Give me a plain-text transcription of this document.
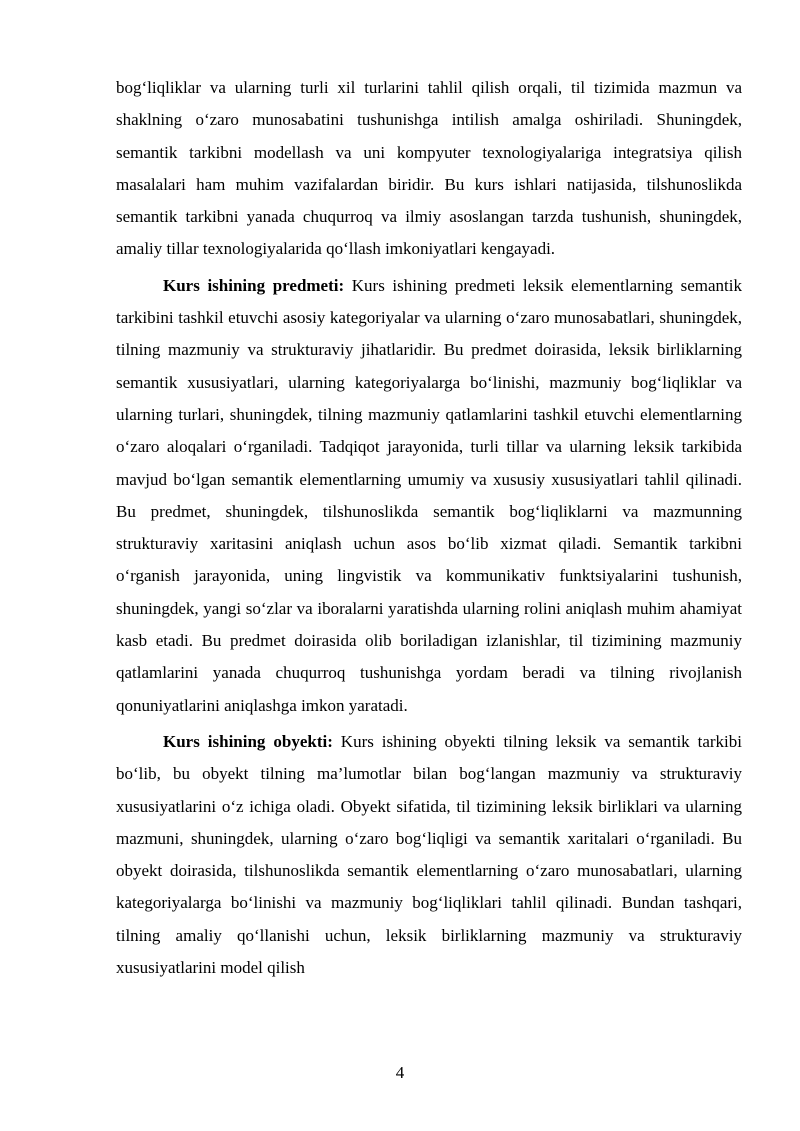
bog‘liqliklar va ularning turli xil turlarini tahlil qilish orqali, til tizimida mazmun va shaklning o‘zaro munosabatini tushunishga intilish amalga oshiriladi. Shuningdek, semantik tarkibni modellash va uni kompyuter texnologiyalariga integratsiya qilish masalalari ham muhim vazifalardan biridir. Bu kurs ishlari natijasida, tilshunoslikda semantik tarkibni yanada chuqurroq va ilmiy asoslangan tarzda tushunish, shuningdek, amaliy tillar texnologiyalarida qo‘llash imkoniyatlari kengayadi.

Kurs ishining predmeti: Kurs ishining predmeti leksik elementlarning semantik tarkibini tashkil etuvchi asosiy kategoriyalar va ularning o‘zaro munosabatlari, shuningdek, tilning mazmuniy va strukturaviy jihatlaridir. Bu predmet doirasida, leksik birliklarning semantik xususiyatlari, ularning kategoriyalarga bo‘linishi, mazmuniy bog‘liqliklar va ularning turlari, shuningdek, tilning mazmuniy qatlamlarini tashkil etuvchi elementlarning o‘zaro aloqalari o‘rganiladi. Tadqiqot jarayonida, turli tillar va ularning leksik tarkibida mavjud bo‘lgan semantik elementlarning umumiy va xususiy xususiyatlari tahlil qilinadi. Bu predmet, shuningdek, tilshunoslikda semantik bog‘liqliklarni va mazmunning strukturaviy xaritasini aniqlash uchun asos bo‘lib xizmat qiladi. Semantik tarkibni o‘rganish jarayonida, uning lingvistik va kommunikativ funktsiyalarini tushunish, shuningdek, yangi so‘zlar va iboralarni yaratishda ularning rolini aniqlash muhim ahamiyat kasb etadi. Bu predmet doirasida olib boriladigan izlanishlar, til tizimining mazmuniy qatlamlarini yanada chuqurroq tushunishga yordam beradi va tilning rivojlanish qonuniyatlarini aniqlashga imkon yaratadi.

Kurs ishining obyekti: Kurs ishining obyekti tilning leksik va semantik tarkibi bo‘lib, bu obyekt tilning ma’lumotlar bilan bog‘langan mazmuniy va strukturaviy xususiyatlarini o‘z ichiga oladi. Obyekt sifatida, til tizimining leksik birliklari va ularning mazmuni, shuningdek, ularning o‘zaro bog‘liqligi va semantik xaritalari o‘rganiladi. Bu obyekt doirasida, tilshunoslikda semantik elementlarning o‘zaro munosabatlari, ularning kategoriyalarga bo‘linishi va mazmuniy bog‘liqliklari tahlil qilinadi. Bundan tashqari, tilning amaliy qo‘llanishi uchun, leksik birliklarning mazmuniy va strukturaviy xususiyatlarini model qilish

4
